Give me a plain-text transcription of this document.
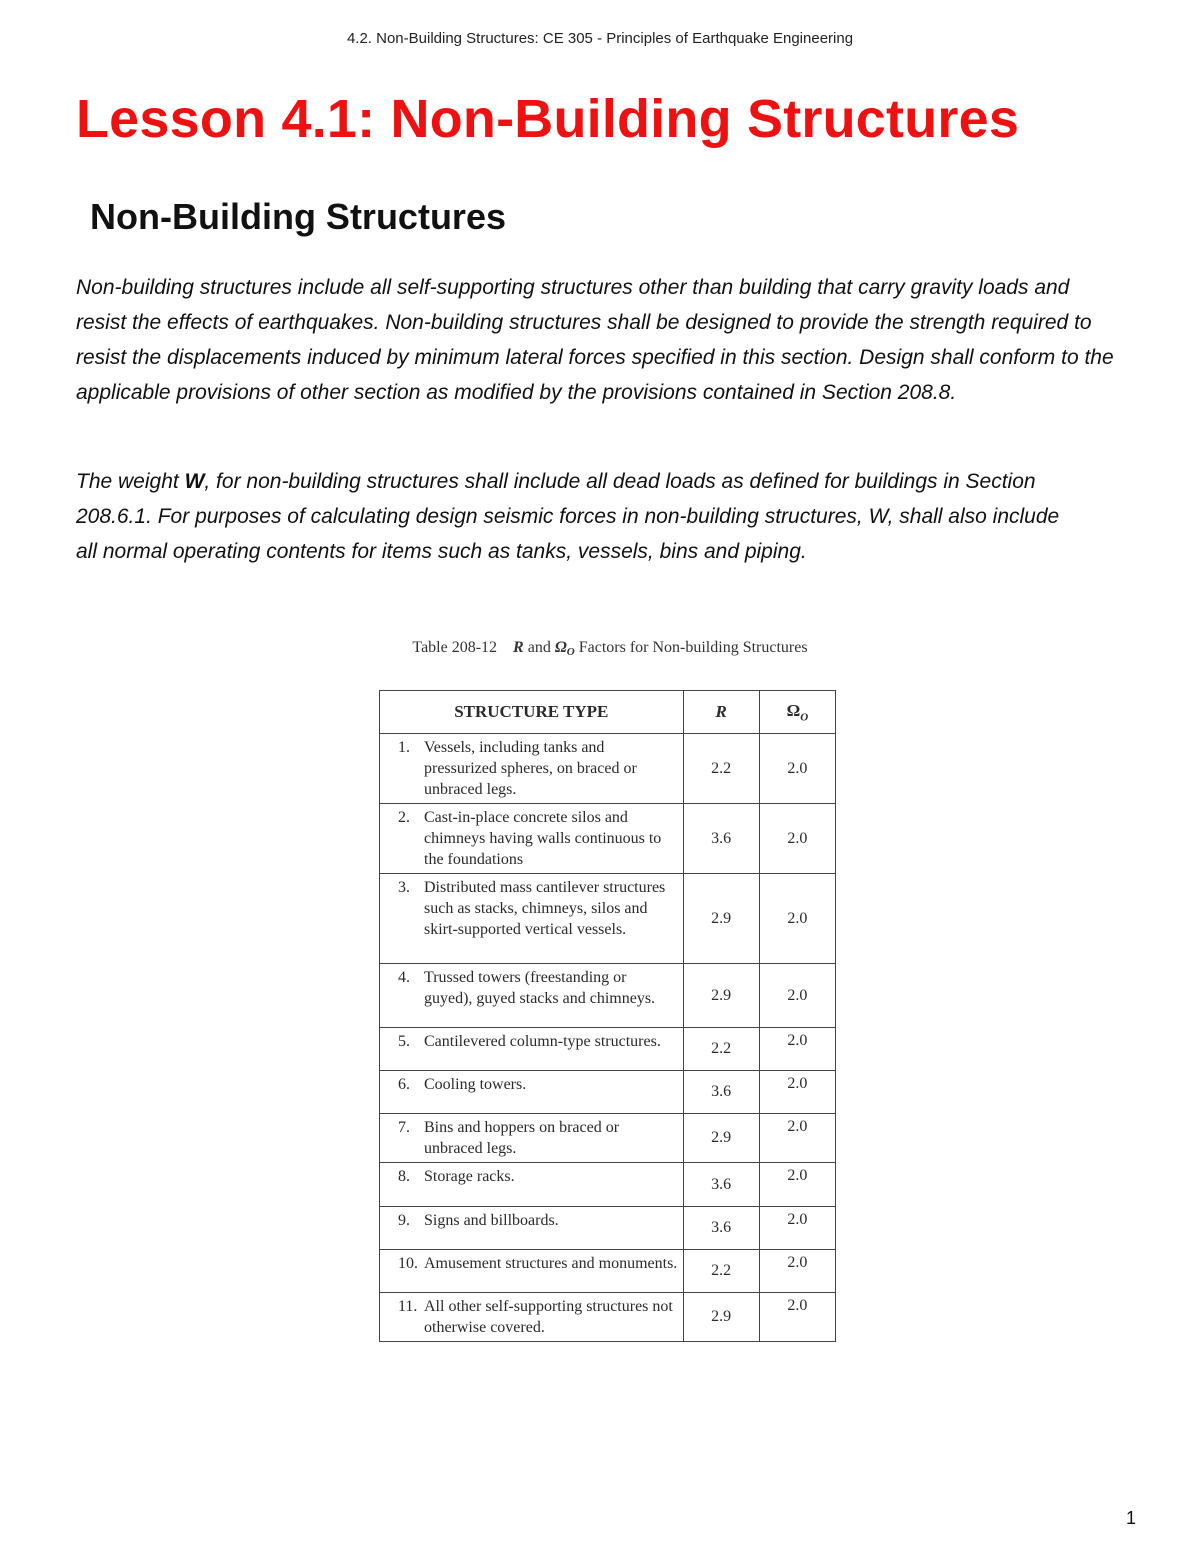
4.2. Non-Building Structures: CE 305 - Principles of Earthquake Engineering
Lesson 4.1: Non-Building Structures
Non-Building Structures

Non-building structures include all self-supporting structures other than building that carry gravity loads and resist the effects of earthquakes. Non-building structures shall be designed to provide the strength required to resist the displacements induced by minimum lateral forces specified in this section. Design shall conform to the applicable provisions of other section as modified by the provisions contained in Section 208.8.

The weight W, for non-building structures shall include all dead loads as defined for buildings in Section 208.6.1. For purposes of calculating design seismic forces in non-building structures, W, shall also include all normal operating contents for items such as tanks, vessels, bins and piping.

Table 208-12 R and $\Omega_O$ Factors for Non-building Structures
STRUCTURE TYPE	R	$\Omega_O$

1. Vessels, including tanks and pressurized spheres, on braced or unbraced legs.	2.2	2.0

2. Cast-in-place concrete silos and chimneys having walls continuous to the foundations	3.6	2.0

3. Distributed mass cantilever structures such as stacks, chimneys, silos and skirt-supported vertical vessels.	2.9	2.0

4. Trussed towers (freestanding or guyed), guyed stacks and chimneys.	2.9	2.0

5. Cantilevered column-type structures.	2.2	2.0

6. Cooling towers.	3.6	2.0

7. Bins and hoppers on braced or unbraced legs.	2.9	2.0

8. Storage racks.	3.6	2.0

9. Signs and billboards.	3.6	2.0

10. Amusement structures and monuments.	2.2	2.0

11. All other self-supporting structures not otherwise covered.	2.9	2.0
1
